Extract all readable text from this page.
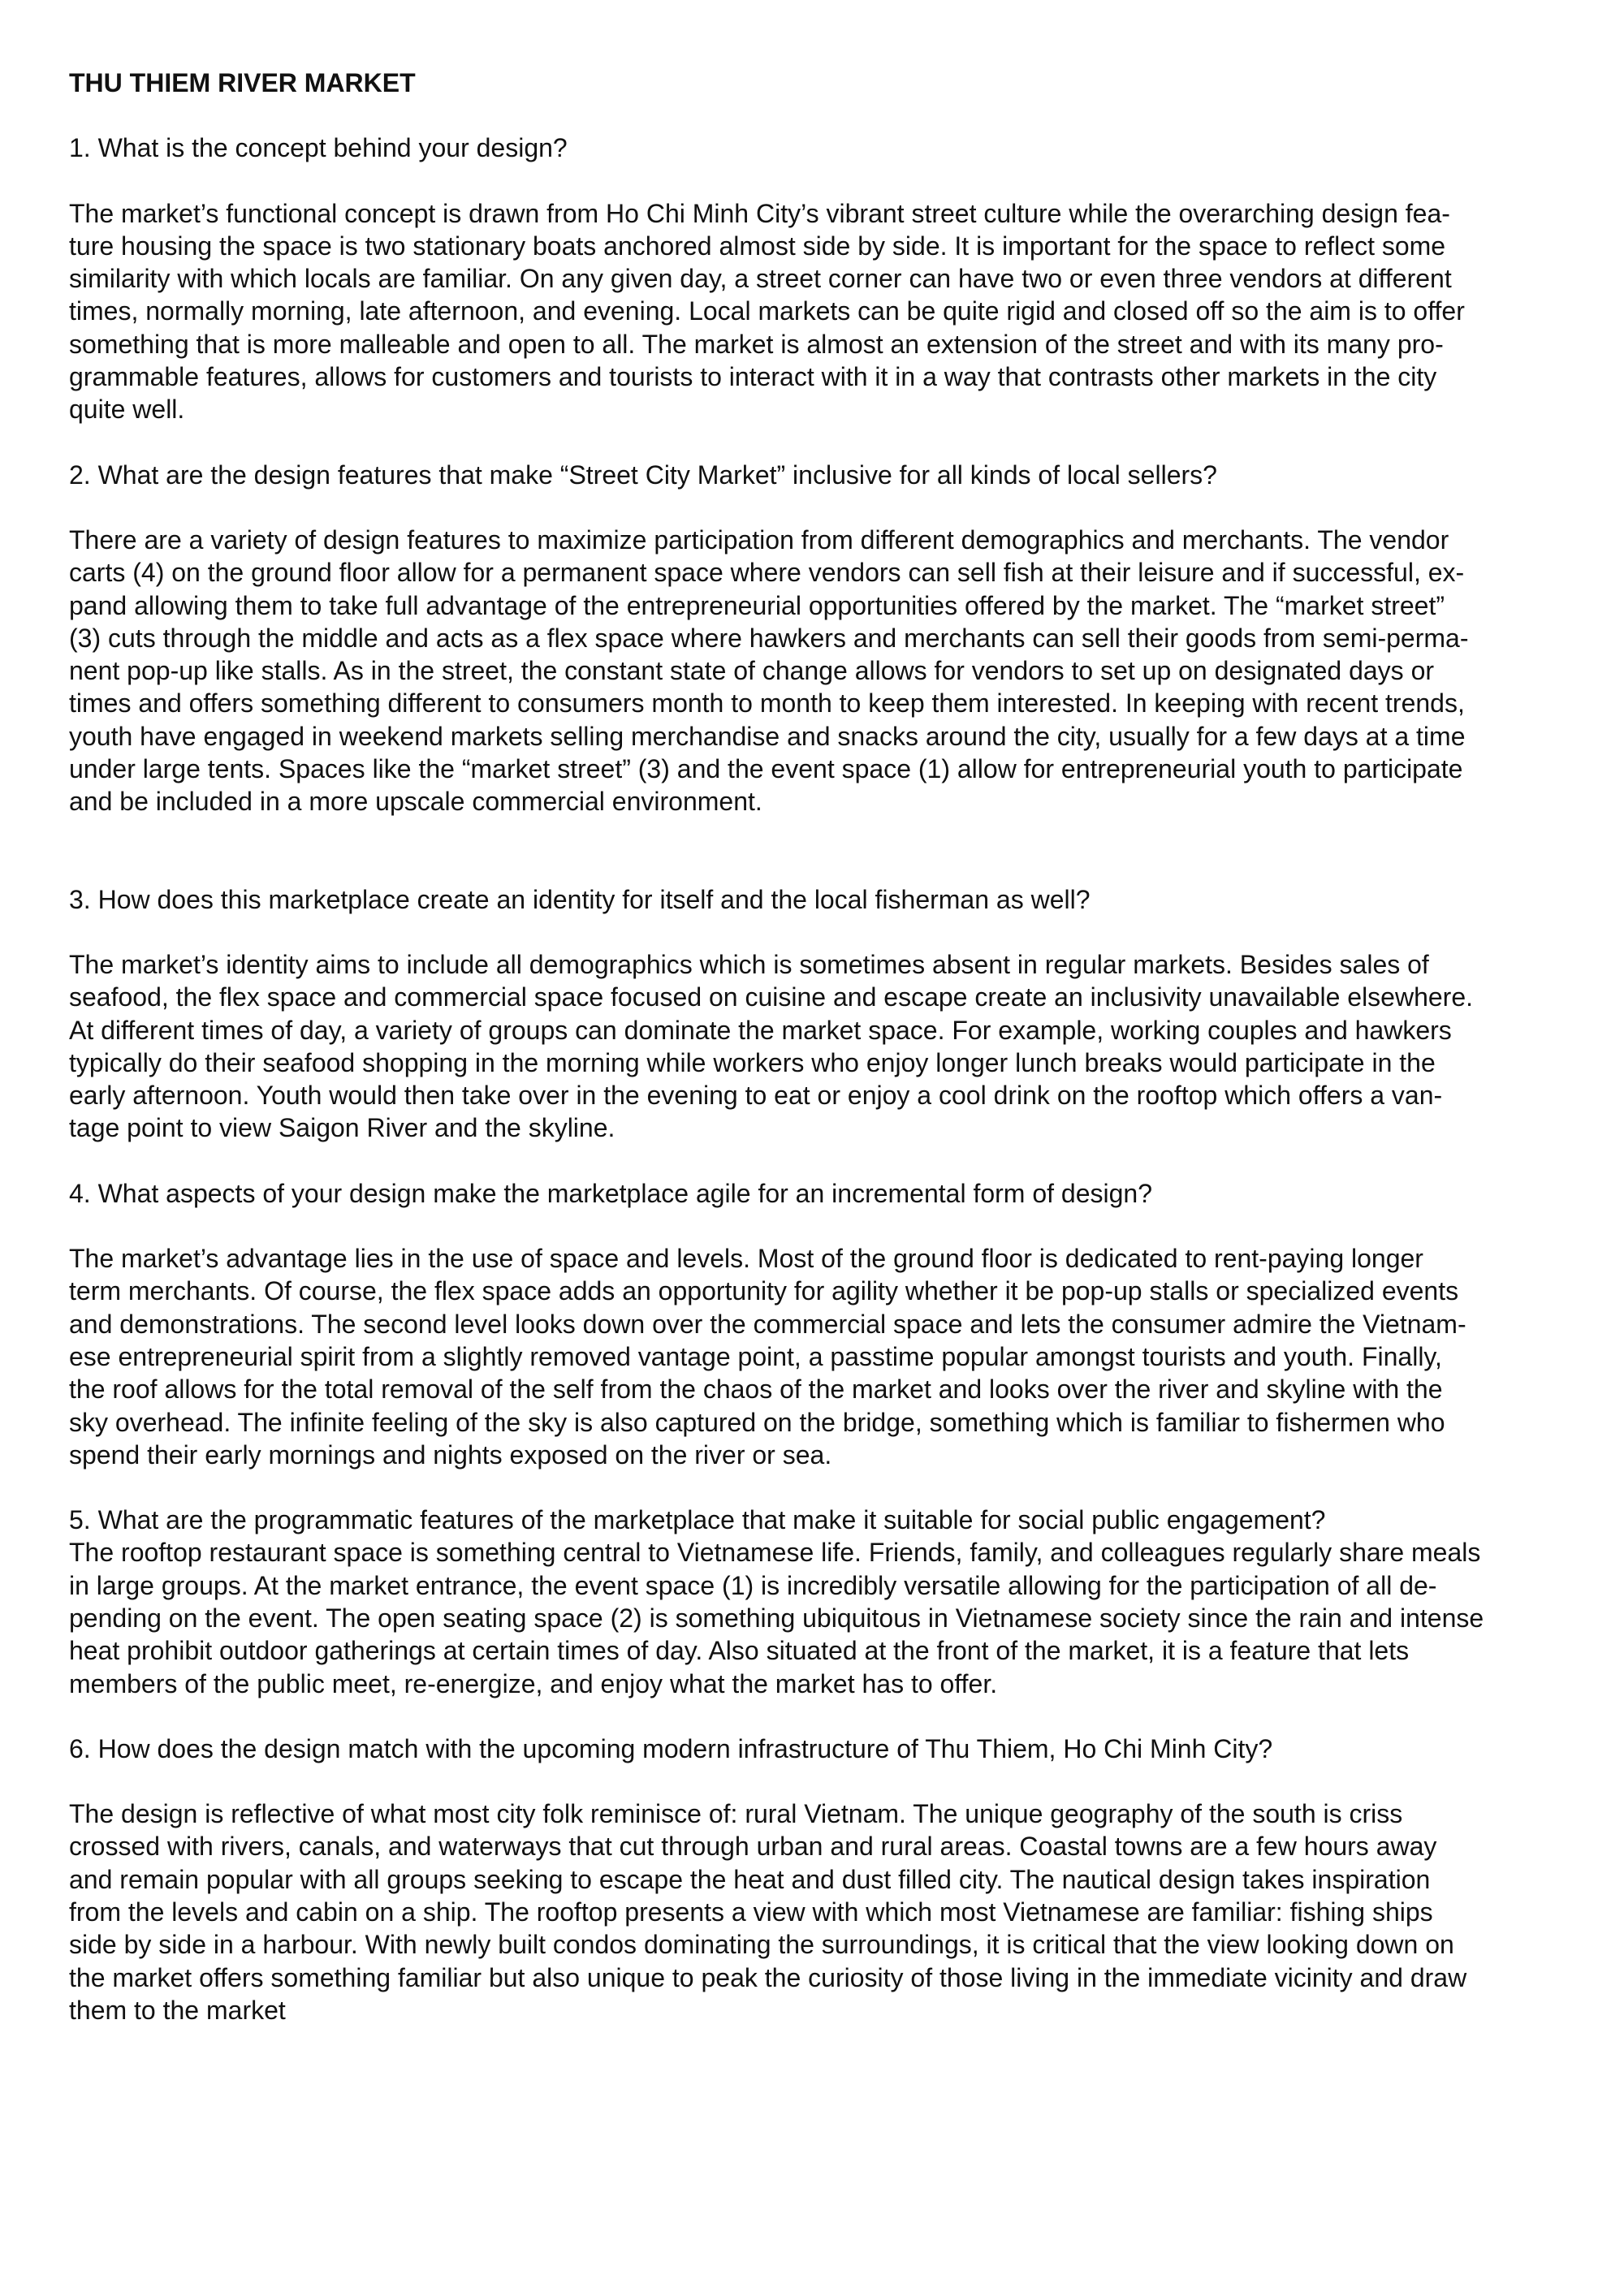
THU THIEM RIVER MARKET
1. What is the concept behind your design?
The market’s functional concept is drawn from Ho Chi Minh City’s vibrant street culture while the overarching design fea-
ture housing the space is two stationary boats anchored almost side by side. It is important for the space to reflect some
similarity with which locals are familiar. On any given day, a street corner can have two or even three vendors at different
times, normally morning, late afternoon, and evening. Local markets can be quite rigid and closed off so the aim is to offer
something that is more malleable and open to all. The market is almost an extension of the street and with its many pro-
grammable features, allows for customers and tourists to interact with it in a way that contrasts other markets in the city
quite well.
2. What are the design features that make “Street City Market” inclusive for all kinds of local sellers?
There are a variety of design features to maximize participation from different demographics and merchants. The vendor
carts (4) on the ground floor allow for a permanent space where vendors can sell fish at their leisure and if successful, ex-
pand allowing them to take full advantage of the entrepreneurial opportunities offered by the market. The “market street”
(3) cuts through the middle and acts as a flex space where hawkers and merchants can sell their goods from semi-perma-
nent pop-up like stalls. As in the street, the constant state of change allows for vendors to set up on designated days or
times and offers something different to consumers month to month to keep them interested. In keeping with recent trends,
youth have engaged in weekend markets selling merchandise and snacks around the city, usually for a few days at a time
under large tents. Spaces like the “market street” (3) and the event space (1) allow for entrepreneurial youth to participate
and be included in a more upscale commercial environment.
3. How does this marketplace create an identity for itself and the local fisherman as well?
The market’s identity aims to include all demographics which is sometimes absent in regular markets. Besides sales of
seafood, the flex space and commercial space focused on cuisine and escape create an inclusivity unavailable elsewhere.
At different times of day, a variety of groups can dominate the market space. For example, working couples and hawkers
typically do their seafood shopping in the morning while workers who enjoy longer lunch breaks would participate in the
early afternoon. Youth would then take over in the evening to eat or enjoy a cool drink on the rooftop which offers a van-
tage point to view Saigon River and the skyline.
4. What aspects of your design make the marketplace agile for an incremental form of design?
The market’s advantage lies in the use of space and levels. Most of the ground floor is dedicated to rent-paying longer
term merchants. Of course, the flex space adds an opportunity for agility whether it be pop-up stalls or specialized events
and demonstrations. The second level looks down over the commercial space and lets the consumer admire the Vietnam-
ese entrepreneurial spirit from a slightly removed vantage point, a passtime popular amongst tourists and youth. Finally,
the roof allows for the total removal of the self from the chaos of the market and looks over the river and skyline with the
sky overhead. The infinite feeling of the sky is also captured on the bridge, something which is familiar to fishermen who
spend their early mornings and nights exposed on the river or sea.
5. What are the programmatic features of the marketplace that make it suitable for social public engagement?
The rooftop restaurant space is something central to Vietnamese life. Friends, family, and colleagues regularly share meals
in large groups. At the market entrance, the event space (1) is incredibly versatile allowing for the participation of all de-
pending on the event. The open seating space (2) is something ubiquitous in Vietnamese society since the rain and intense
heat prohibit outdoor gatherings at certain times of day. Also situated at the front of the market, it is a feature that lets
members of the public meet, re-energize, and enjoy what the market has to offer.
6. How does the design match with the upcoming modern infrastructure of Thu Thiem, Ho Chi Minh City?
The design is reflective of what most city folk reminisce of: rural Vietnam. The unique geography of the south is criss
crossed with rivers, canals, and waterways that cut through urban and rural areas. Coastal towns are a few hours away
and remain popular with all groups seeking to escape the heat and dust filled city. The nautical design takes inspiration
from the levels and cabin on a ship. The rooftop presents a view with which most Vietnamese are familiar: fishing ships
side by side in a harbour. With newly built condos dominating the surroundings, it is critical that the view looking down on
the market offers something familiar but also unique to peak the curiosity of those living in the immediate vicinity and draw
them to the market
